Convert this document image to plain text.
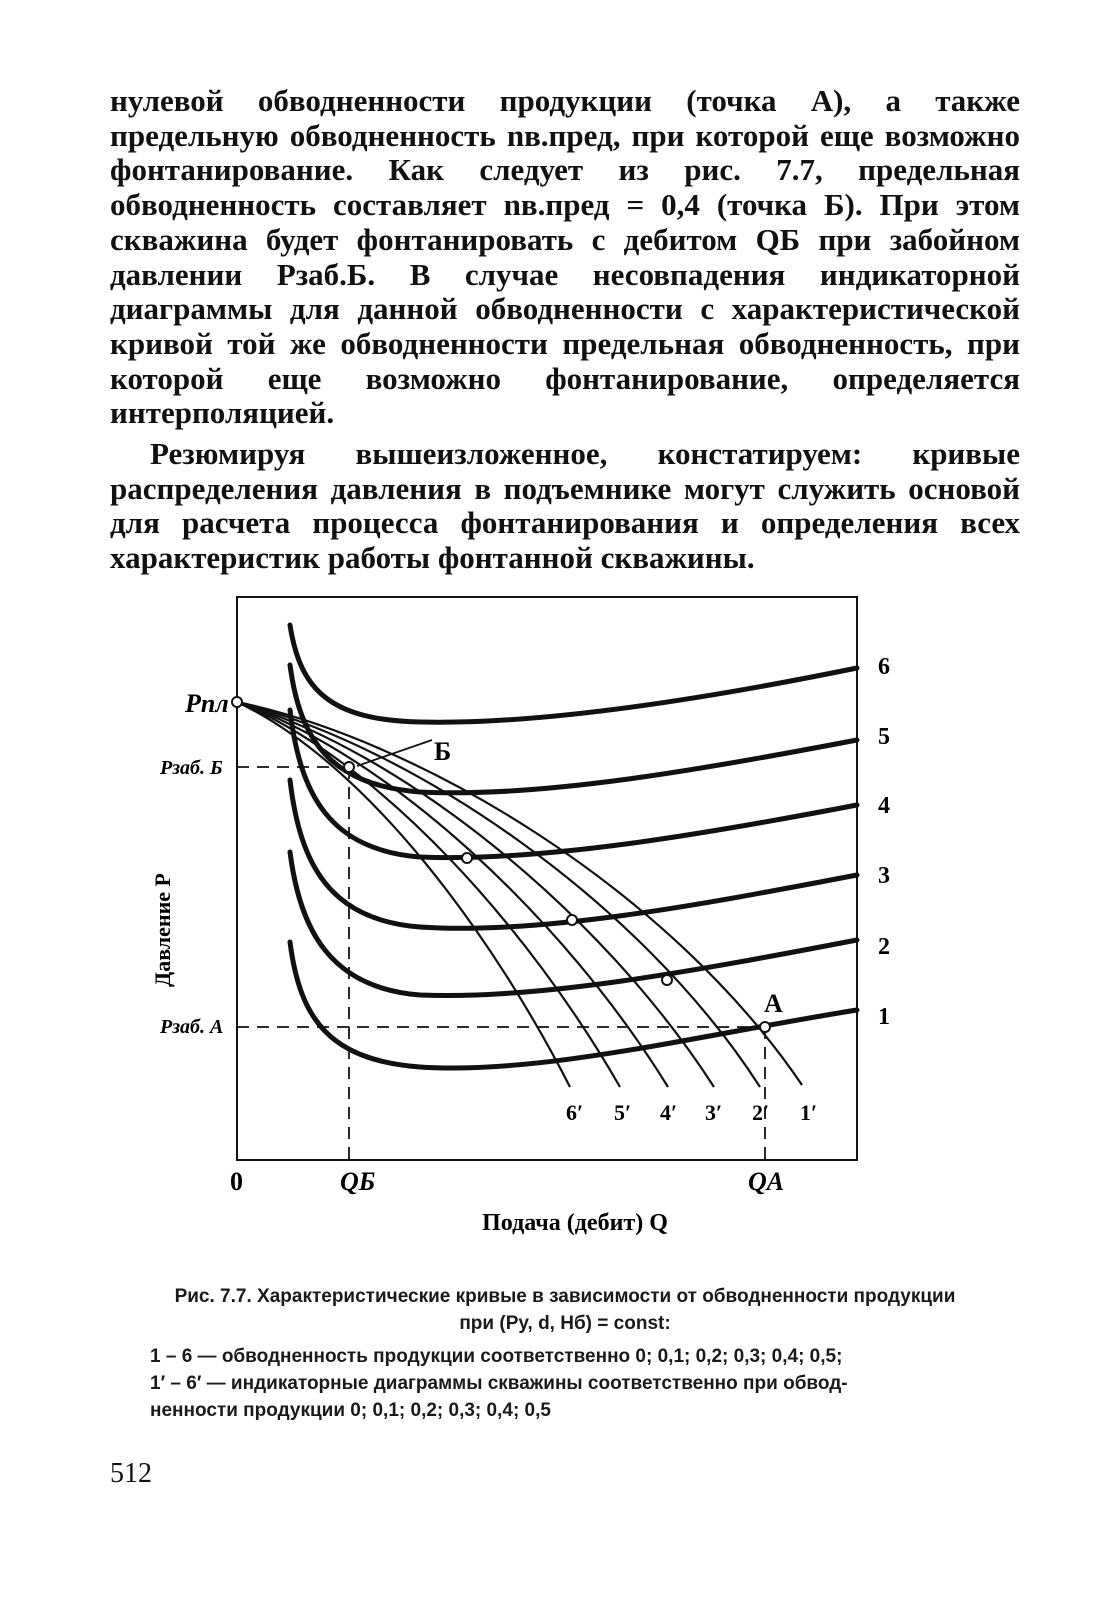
нулевой обводненности продукции (точка А), а также предельную обводненность nв.пред, при которой еще возможно фонтанирование. Как следует из рис. 7.7, предельная обводненность составляет nв.пред = 0,4 (точка Б). При этом скважина будет фонтанировать с дебитом QБ при забойном давлении Pзаб.Б. В случае несовпадения индикаторной диаграммы для данной обводненности с характеристической кривой той же обводненности предельная обводненность, при которой еще возможно фонтанирование, определяется интерполяцией.

Резюмируя вышеизложенное, констатируем: кривые распределения давления в подъемнике могут служить основой для расчета процесса фонтанирования и определения всех характеристик работы фонтанной скважины.

Б
А
Pпл
Pзаб. Б
Pзаб. А
Давление P
0	QБ	QА
Подача (дебит) Q
1
2
3
4
5
6
6′ 5′ 4′ 3′ 2′ 1′

Рис. 7.7. Характеристические кривые в зависимости от обводненности продукции

при (Pу, d, Hб) = const:

1 – 6 — обводненность продукции соответственно 0; 0,1; 0,2; 0,3; 0,4; 0,5;

1′ – 6′ — индикаторные диаграммы скважины соответственно при обвод-

ненности продукции 0; 0,1; 0,2; 0,3; 0,4; 0,5

512
